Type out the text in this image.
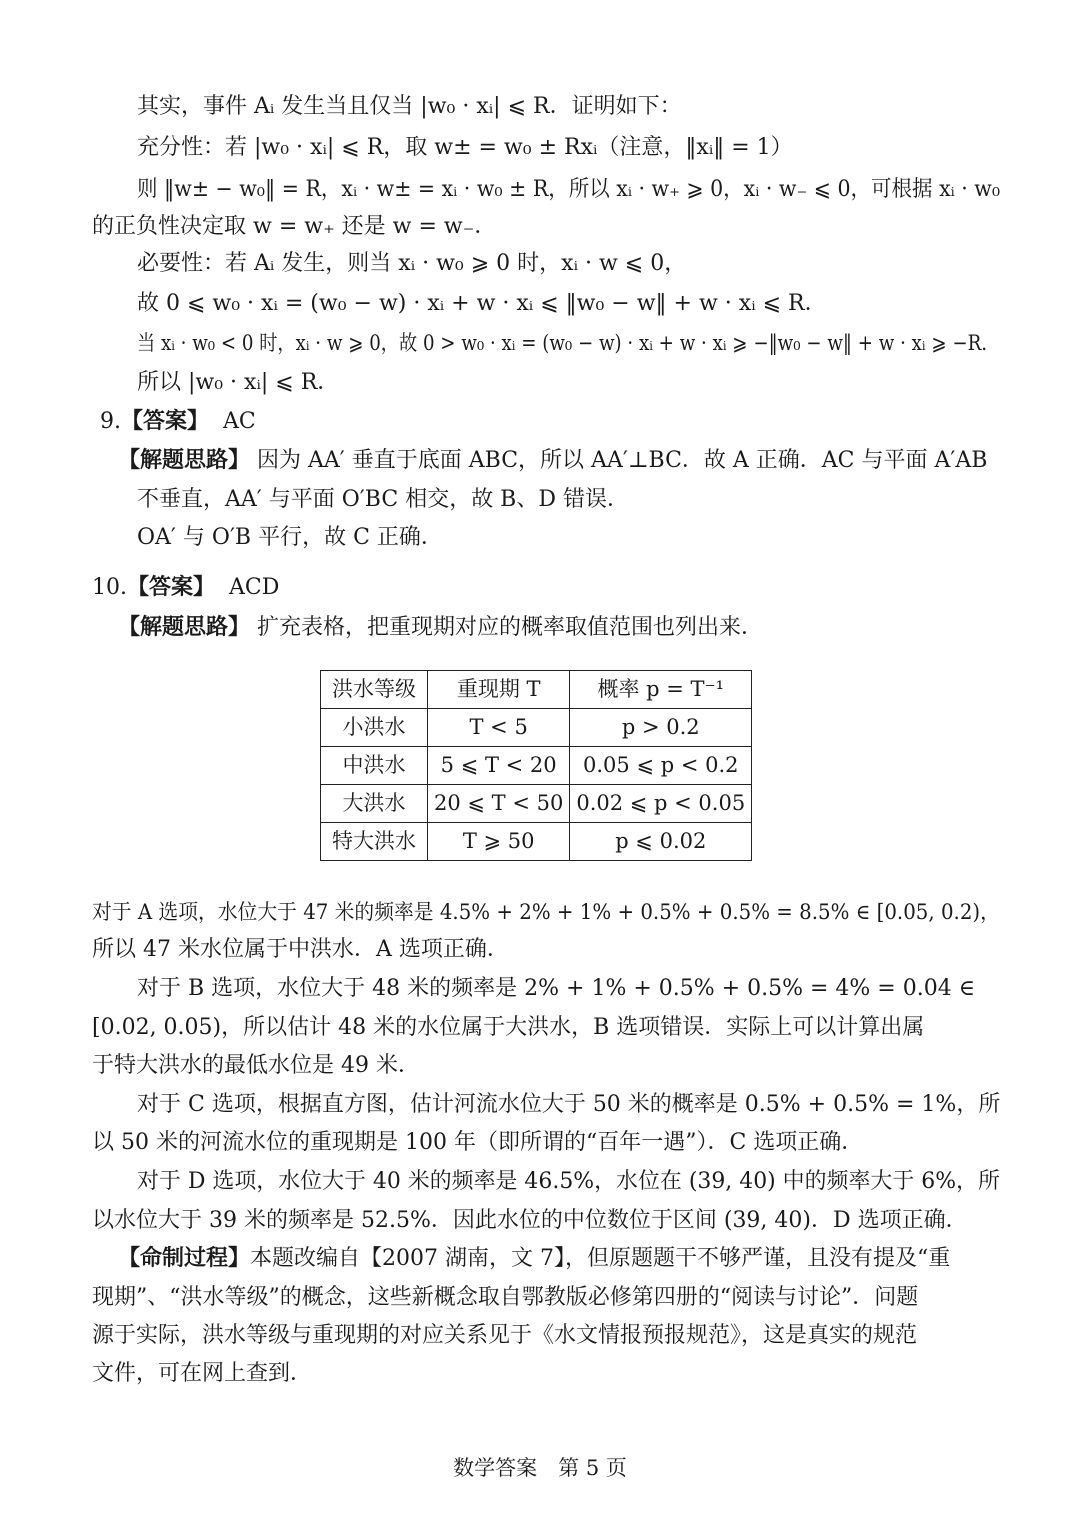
其实，事件 Aᵢ 发生当且仅当 |w₀ · xᵢ| ⩽ R．证明如下：
充分性：若 |w₀ · xᵢ| ⩽ R，取 w± = w₀ ± Rxᵢ（注意，‖xᵢ‖ = 1）
则 ‖w± − w₀‖ = R，xᵢ · w± = xᵢ · w₀ ± R，所以 xᵢ · w₊ ⩾ 0，xᵢ · w₋ ⩽ 0，可根据 xᵢ · w₀
的正负性决定取 w = w₊ 还是 w = w₋．
必要性：若 Aᵢ 发生，则当 xᵢ · w₀ ⩾ 0 时，xᵢ · w ⩽ 0，
故 0 ⩽ w₀ · xᵢ = (w₀ − w) · xᵢ + w · xᵢ ⩽ ‖w₀ − w‖ + w · xᵢ ⩽ R．
当 xᵢ · w₀ < 0 时，xᵢ · w ⩾ 0，故 0 > w₀ · xᵢ = (w₀ − w) · xᵢ + w · xᵢ ⩾ −‖w₀ − w‖ + w · xᵢ ⩾ −R．
所以 |w₀ · xᵢ| ⩽ R．
9.【答案】 AC
【解题思路】 因为 AA′ 垂直于底面 ABC，所以 AA′⊥BC．故 A 正确．AC 与平面 A′AB
不垂直，AA′ 与平面 O′BC 相交，故 B、D 错误．
OA′ 与 O′B 平行，故 C 正确．
10.【答案】 ACD
【解题思路】 扩充表格，把重现期对应的概率取值范围也列出来．
洪水等级	重现期 T	概率 p = T⁻¹
小洪水	T < 5	p > 0.2
中洪水	5 ⩽ T < 20	0.05 ⩽ p < 0.2
大洪水	20 ⩽ T < 50	0.02 ⩽ p < 0.05
特大洪水	T ⩾ 50	p ⩽ 0.02
对于 A 选项，水位大于 47 米的频率是 4.5% + 2% + 1% + 0.5% + 0.5% = 8.5% ∈ [0.05, 0.2)，
所以 47 米水位属于中洪水．A 选项正确．
对于 B 选项，水位大于 48 米的频率是 2% + 1% + 0.5% + 0.5% = 4% = 0.04 ∈
[0.02, 0.05)，所以估计 48 米的水位属于大洪水，B 选项错误．实际上可以计算出属
于特大洪水的最低水位是 49 米．
对于 C 选项，根据直方图，估计河流水位大于 50 米的概率是 0.5% + 0.5% = 1%，所
以 50 米的河流水位的重现期是 100 年（即所谓的“百年一遇”）．C 选项正确．
对于 D 选项，水位大于 40 米的频率是 46.5%，水位在 (39, 40) 中的频率大于 6%，所
以水位大于 39 米的频率是 52.5%．因此水位的中位数位于区间 (39, 40)．D 选项正确．
【命制过程】本题改编自【2007 湖南，文 7】，但原题题干不够严谨，且没有提及“重
现期”、“洪水等级”的概念，这些新概念取自鄂教版必修第四册的“阅读与讨论”．问题
源于实际，洪水等级与重现期的对应关系见于《水文情报预报规范》，这是真实的规范
文件，可在网上查到．
数学答案　第 5 页
